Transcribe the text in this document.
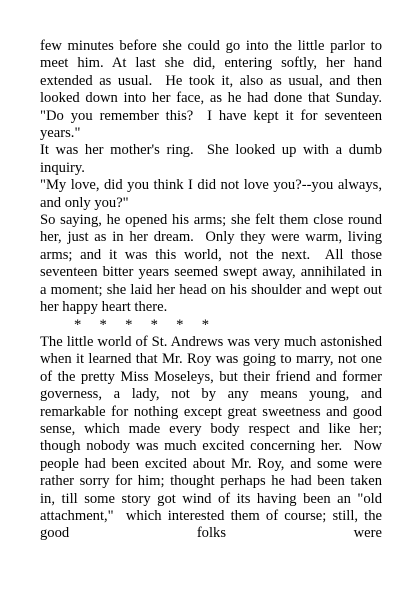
few minutes before she could go into the little parlor to meet him. At last she did, entering softly, her hand extended as usual.  He took it, also as usual, and then looked down into her face, as he had done that Sunday.  "Do you remember this?  I have kept it for seventeen years."

It was her mother's ring.  She looked up with a dumb inquiry.

"My love, did you think I did not love you?--you always, and only you?"

So saying, he opened his arms; she felt them close round her, just as in her dream.  Only they were warm, living arms; and it was this world, not the next.  All those seventeen bitter years seemed swept away, annihilated in a moment; she laid her head on his shoulder and wept out her happy heart there.

*     *     *     *     *     *

The little world of St. Andrews was very much astonished when it learned that Mr. Roy was going to marry, not one of the pretty Miss Moseleys, but their friend and former governess, a lady, not by any means young, and remarkable for nothing except great sweetness and good sense, which made every body respect and like her; though nobody was much excited concerning her.  Now people had been excited about Mr. Roy, and some were rather sorry for him; thought perhaps he had been taken in, till some story got wind of its having been an "old attachment,"  which interested them of course; still, the good folks were
